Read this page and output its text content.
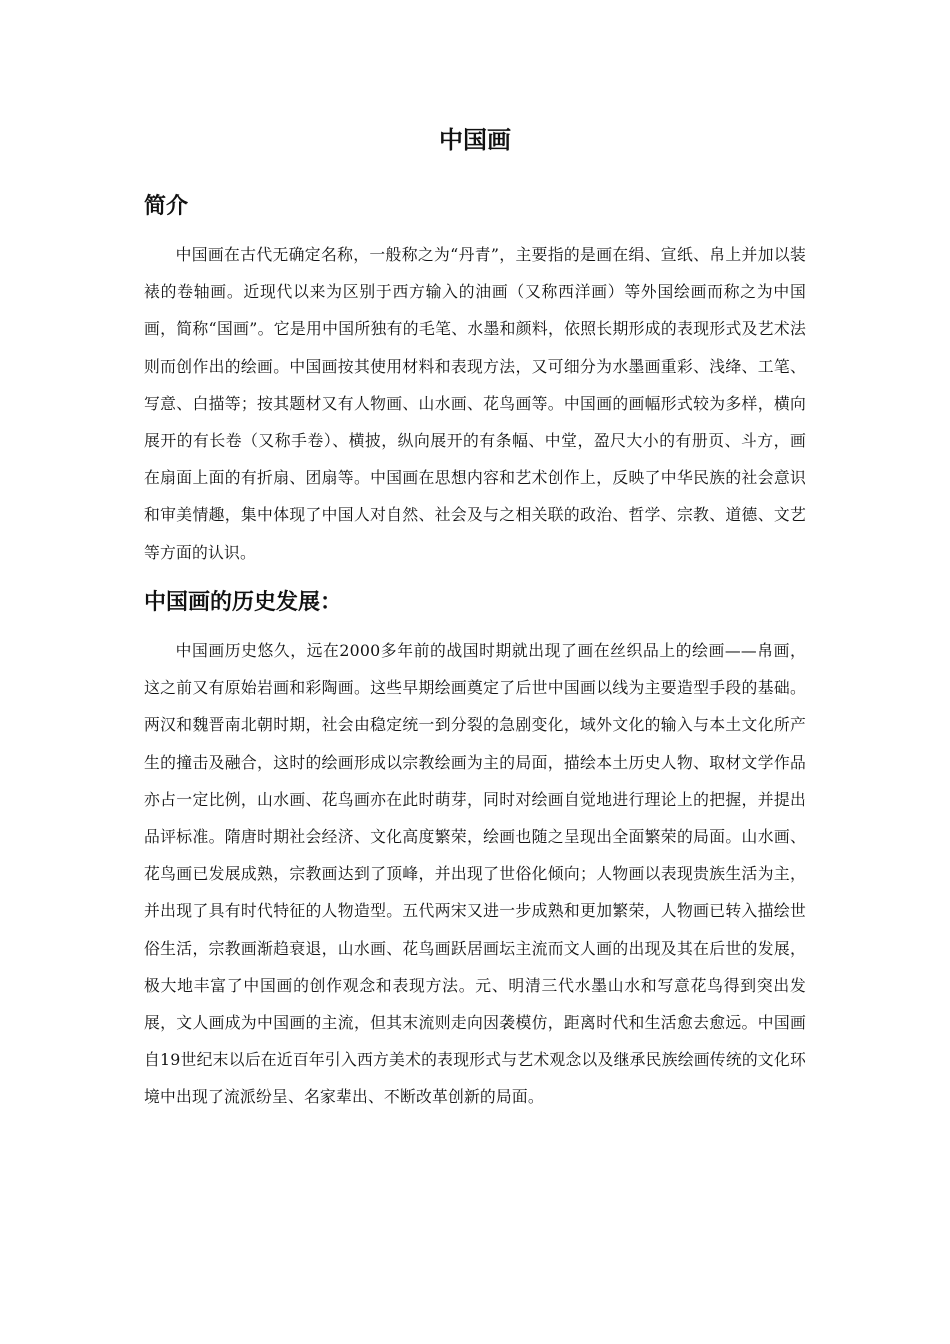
中国画
简介

中国画在古代无确定名称，一般称之为“丹青”，主要指的是画在绢、宣纸、帛上并加以装裱的卷轴画。近现代以来为区别于西方输入的油画（又称西洋画）等外国绘画而称之为中国画，简称“国画”。它是用中国所独有的毛笔、水墨和颜料，依照长期形成的表现形式及艺术法则而创作出的绘画。中国画按其使用材料和表现方法，又可细分为水墨画重彩、浅绛、工笔、写意、白描等；按其题材又有人物画、山水画、花鸟画等。中国画的画幅形式较为多样，横向展开的有长卷（又称手卷）、横披，纵向展开的有条幅、中堂，盈尺大小的有册页、斗方，画在扇面上面的有折扇、团扇等。中国画在思想内容和艺术创作上，反映了中华民族的社会意识和审美情趣，集中体现了中国人对自然、社会及与之相关联的政治、哲学、宗教、道德、文艺等方面的认识。

中国画的历史发展：

中国画历史悠久，远在2000多年前的战国时期就出现了画在丝织品上的绘画——帛画，这之前又有原始岩画和彩陶画。这些早期绘画奠定了后世中国画以线为主要造型手段的基础。两汉和魏晋南北朝时期，社会由稳定统一到分裂的急剧变化，域外文化的输入与本土文化所产生的撞击及融合，这时的绘画形成以宗教绘画为主的局面，描绘本土历史人物、取材文学作品亦占一定比例，山水画、花鸟画亦在此时萌芽，同时对绘画自觉地进行理论上的把握，并提出品评标准。隋唐时期社会经济、文化高度繁荣，绘画也随之呈现出全面繁荣的局面。山水画、花鸟画已发展成熟，宗教画达到了顶峰，并出现了世俗化倾向；人物画以表现贵族生活为主，并出现了具有时代特征的人物造型。五代两宋又进一步成熟和更加繁荣，人物画已转入描绘世俗生活，宗教画渐趋衰退，山水画、花鸟画跃居画坛主流而文人画的出现及其在后世的发展，极大地丰富了中国画的创作观念和表现方法。元、明清三代水墨山水和写意花鸟得到突出发展，文人画成为中国画的主流，但其末流则走向因袭模仿，距离时代和生活愈去愈远。中国画自19世纪末以后在近百年引入西方美术的表现形式与艺术观念以及继承民族绘画传统的文化环境中出现了流派纷呈、名家辈出、不断改革创新的局面。
